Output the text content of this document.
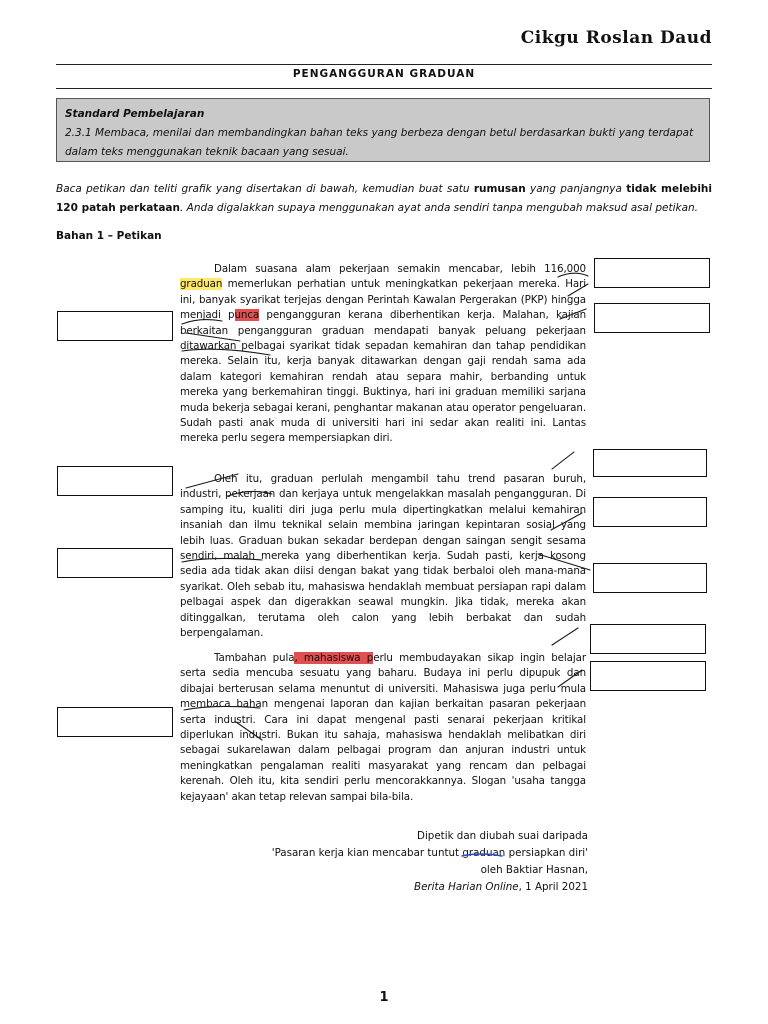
Cikgu Roslan Daud
PENGANGGURAN GRADUAN
Standard Pembelajaran
2.3.1 Membaca, menilai dan membandingkan bahan teks yang berbeza dengan betul berdasarkan bukti yang terdapat dalam teks menggunakan teknik bacaan yang sesuai.
Baca petikan dan teliti grafik yang disertakan di bawah, kemudian buat satu rumusan yang panjangnya tidak melebihi 120 patah perkataan. Anda digalakkan supaya menggunakan ayat anda sendiri tanpa mengubah maksud asal petikan.
Bahan 1 – Petikan
Dalam suasana alam pekerjaan semakin mencabar, lebih 116,000 graduan memerlukan perhatian untuk meningkatkan pekerjaan mereka. Hari ini, banyak syarikat terjejas dengan Perintah Kawalan Pergerakan (PKP) hingga menjadi punca pengangguran kerana diberhentikan kerja. Malahan, kajian berkaitan pengangguran graduan mendapati banyak peluang pekerjaan ditawarkan pelbagai syarikat tidak sepadan kemahiran dan tahap pendidikan mereka. Selain itu, kerja banyak ditawarkan dengan gaji rendah sama ada dalam kategori kemahiran rendah atau separa mahir, berbanding untuk mereka yang berkemahiran tinggi. Buktinya, hari ini graduan memiliki sarjana muda bekerja sebagai kerani, penghantar makanan atau operator pengeluaran. Sudah pasti anak muda di universiti hari ini sedar akan realiti ini. Lantas mereka perlu segera mempersiapkan diri.
Oleh itu, graduan perlulah mengambil tahu trend pasaran buruh, industri, pekerjaan dan kerjaya untuk mengelakkan masalah pengangguran. Di samping itu, kualiti diri juga perlu mula dipertingkatkan melalui kemahiran insaniah dan ilmu teknikal selain membina jaringan kepintaran sosial yang lebih luas. Graduan bukan sekadar berdepan dengan saingan sengit sesama sendiri, malah mereka yang diberhentikan kerja. Sudah pasti, kerja kosong sedia ada tidak akan diisi dengan bakat yang tidak berbaloi oleh mana-mana syarikat. Oleh sebab itu, mahasiswa hendaklah membuat persiapan rapi dalam pelbagai aspek dan digerakkan seawal mungkin. Jika tidak, mereka akan ditinggalkan, terutama oleh calon yang lebih berbakat dan sudah berpengalaman.
Tambahan pula, mahasiswa perlu membudayakan sikap ingin belajar serta sedia mencuba sesuatu yang baharu. Budaya ini perlu dipupuk dan dibajai berterusan selama menuntut di universiti. Mahasiswa juga perlu mula membaca bahan mengenai laporan dan kajian berkaitan pasaran pekerjaan serta industri. Cara ini dapat mengenal pasti senarai pekerjaan kritikal diperlukan industri. Bukan itu sahaja, mahasiswa hendaklah melibatkan diri sebagai sukarelawan dalam pelbagai program dan anjuran industri untuk meningkatkan pengalaman realiti masyarakat yang rencam dan pelbagai kerenah. Oleh itu, kita sendiri perlu mencorakkannya. Slogan 'usaha tangga kejayaan' akan tetap relevan sampai bila-bila.
Dipetik dan diubah suai daripada
'Pasaran kerja kian mencabar tuntut graduan persiapkan diri'
oleh Baktiar Hasnan,
Berita Harian Online, 1 April 2021
1
